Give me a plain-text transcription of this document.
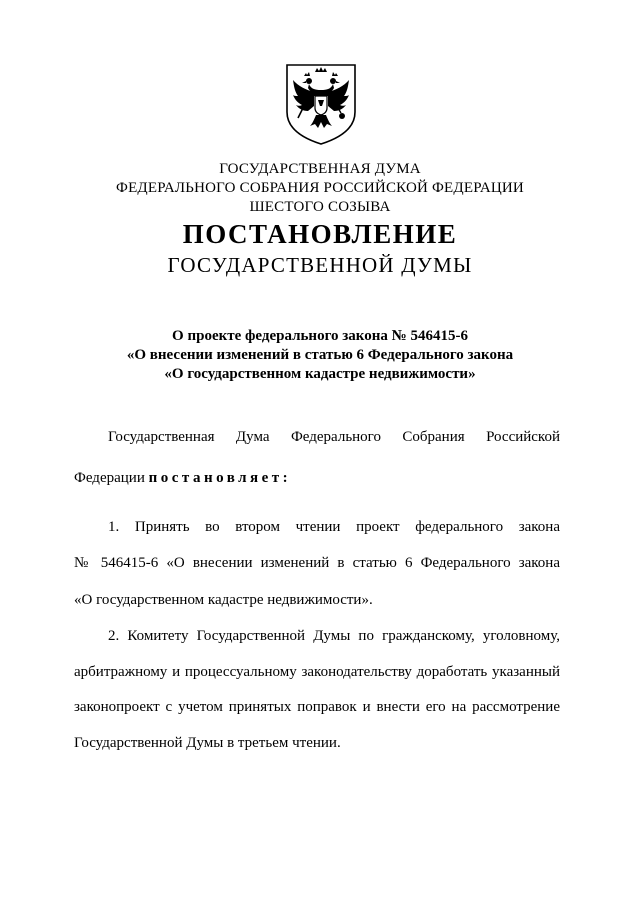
ГОСУДАРСТВЕННАЯ ДУМА
ФЕДЕРАЛЬНОГО СОБРАНИЯ РОССИЙСКОЙ ФЕДЕРАЦИИ
ШЕСТОГО СОЗЫВА
ПОСТАНОВЛЕНИЕ
ГОСУДАРСТВЕННОЙ ДУМЫ
О проекте федерального закона № 546415-6
«О внесении изменений в статью 6 Федерального закона
«О государственном кадастре недвижимости»
Государственная Дума Федерального Собрания Российской
Федерации постановляет:
1. Принять во втором чтении проект федерального закона
№ 546415-6 «О внесении изменений в статью 6 Федерального закона
«О государственном кадастре недвижимости».
2. Комитету Государственной Думы по гражданскому, уголовному,
арбитражному и процессуальному законодательству доработать указанный
законопроект с учетом принятых поправок и внести его на рассмотрение
Государственной Думы в третьем чтении.
